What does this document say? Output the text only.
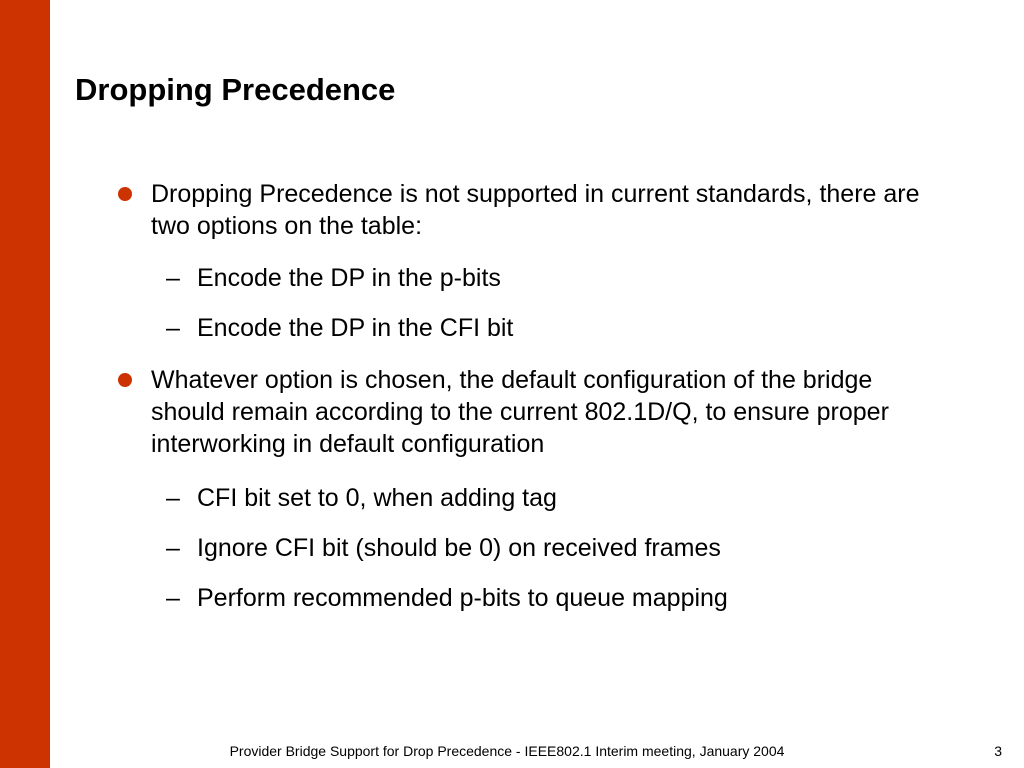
Dropping Precedence
Dropping Precedence is not supported in current standards, there are two options on the table:
– Encode the DP in the p-bits
– Encode the DP in the CFI bit
Whatever option is chosen, the default configuration of the bridge should remain according to the current 802.1D/Q, to ensure proper interworking in default configuration
– CFI bit set to 0, when adding tag
– Ignore CFI bit (should be 0) on received frames
– Perform recommended p-bits to queue mapping
Provider Bridge Support for Drop Precedence - IEEE802.1 Interim meeting, January 2004	3
